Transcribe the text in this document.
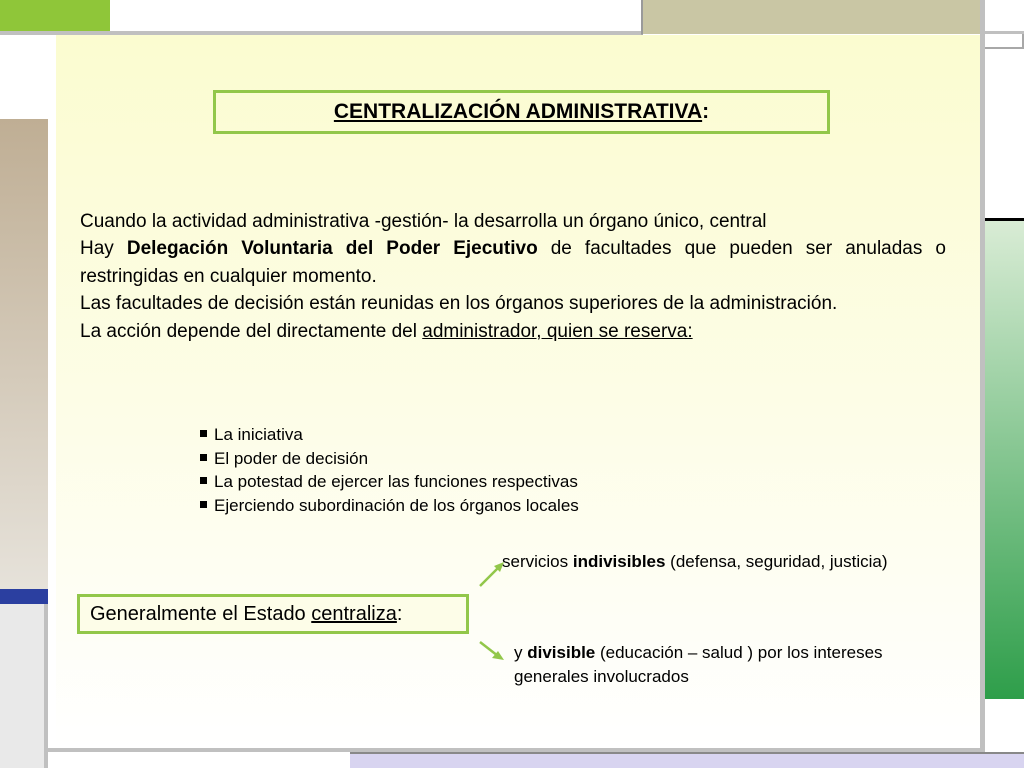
CENTRALIZACIÓN ADMINISTRATIVA :

Cuando la actividad administrativa -gestión- la desarrolla un órgano único, central

Hay Delegación Voluntaria del Poder Ejecutivo de facultades que pueden ser anuladas o restringidas en cualquier momento.

Las facultades de decisión están reunidas en los órganos superiores de la administración.

La acción depende del directamente del administrador, quien se reserva:

La iniciativa
El poder de decisión
La potestad de ejercer las funciones respectivas
Ejerciendo subordinación de los órganos locales
servicios indivisibles (defensa, seguridad, justicia)
Generalmente el Estado
centraliza :
y divisible (educación – salud ) por los intereses generales involucrados
